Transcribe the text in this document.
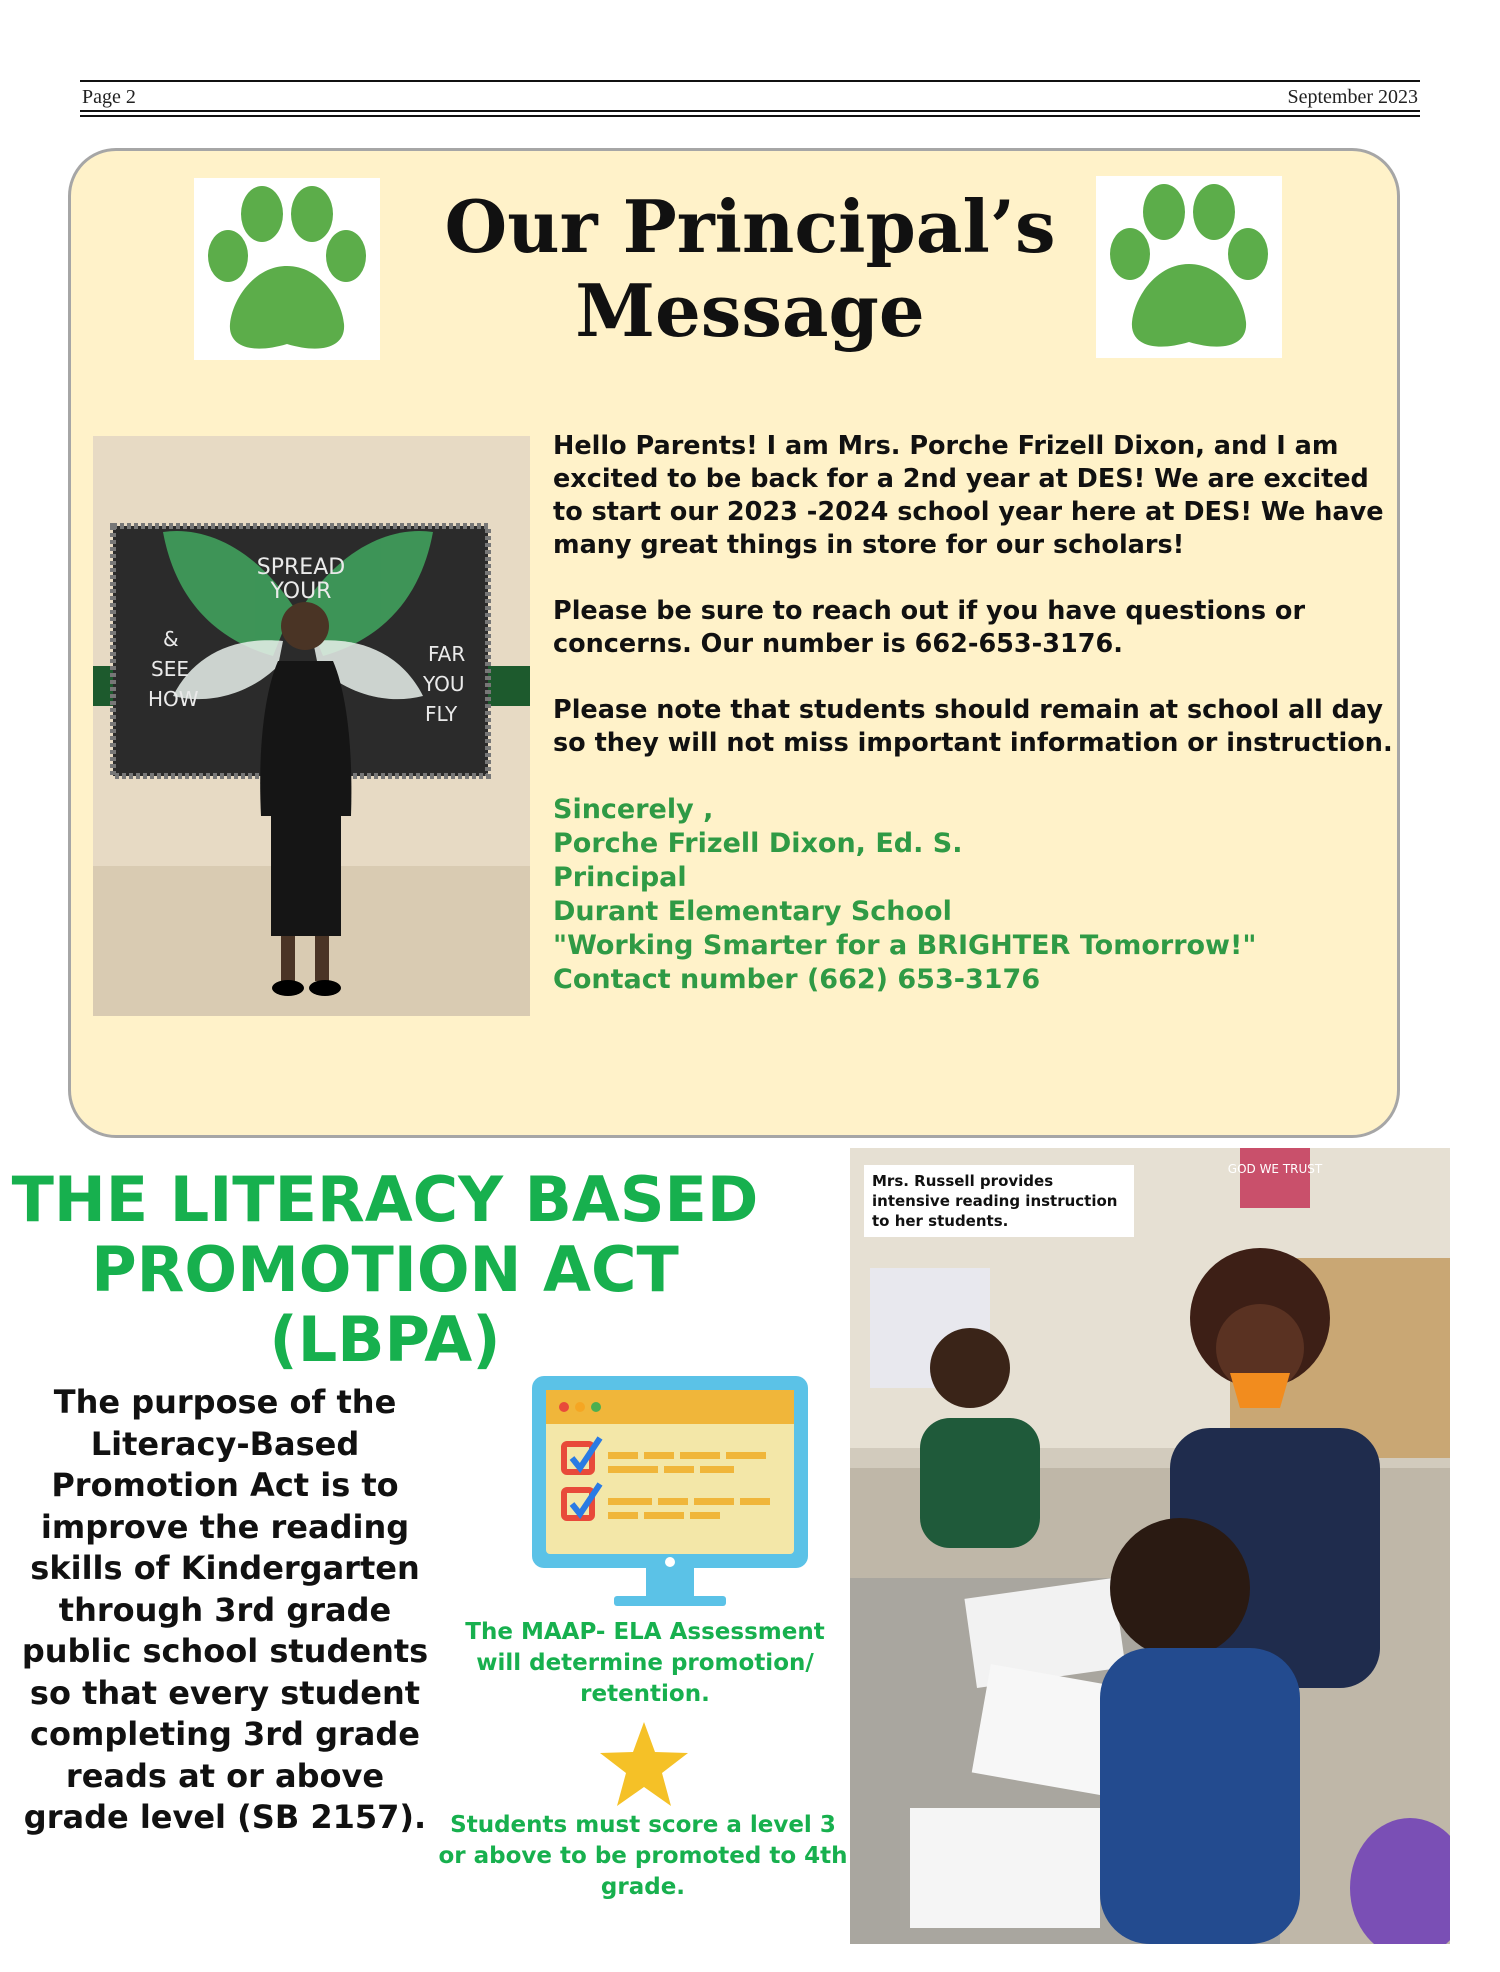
Page 2	September 2023
Our Principal’s
Message
SPREAD
YOUR
&
SEE
HOW
FAR
YOU
FLY

Hello Parents! I am Mrs. Porche Frizell Dixon, and I am excited to be back for a 2nd year at DES! We are excited to start our 2023 -2024 school year here at DES! We have many great things in store for our scholars!

Please be sure to reach out if you have questions or concerns. Our number is 662-653-3176.

Please note that students should remain at school all day so they will not miss important information or instruction.

Sincerely ,
Porche Frizell Dixon, Ed. S.
Principal
Durant Elementary School
"Working Smarter for a BRIGHTER Tomorrow!"
Contact number (662) 653-3176
THE LITERACY BASED
PROMOTION ACT
(LBPA)
The purpose of the Literacy-Based Promotion Act is to improve the reading skills of Kindergarten through 3rd grade public school students so that every student completing 3rd grade reads at or above grade level (SB 2157).
The MAAP- ELA Assessment will determine promotion/ retention.
Students must score a level 3 or above to be promoted to 4th grade.
GOD WE TRUST
Mrs. Russell provides intensive reading instruction to her students.
